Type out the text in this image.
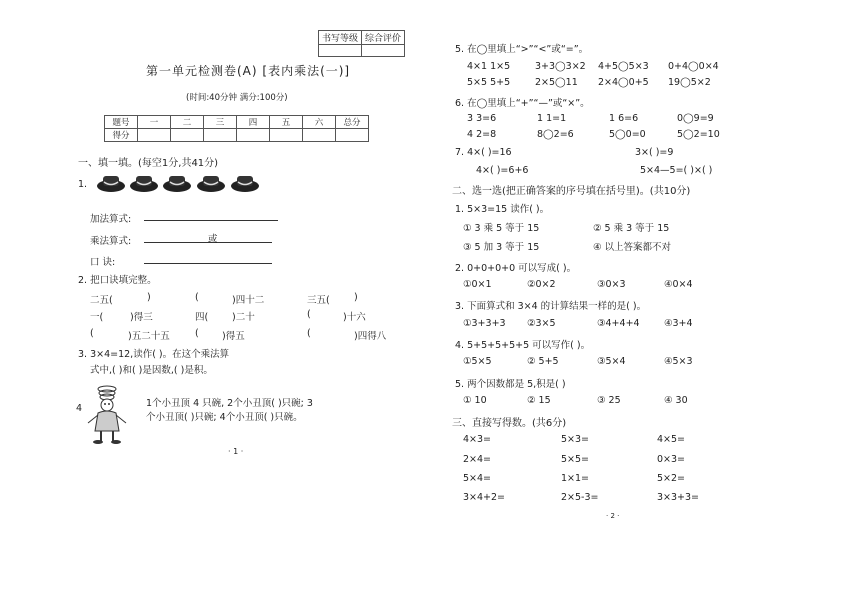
书写等级	综合评价

第一单元检测卷(A) [表内乘法(一)]
(时间:40分钟 满分:100分)
题号	一	二	三	四	五	六	总分
得分							
一、填一填。(每空1分,共41分)
1.
加法算式:
乘法算式:	或
口 诀:
2. 把口诀填完整。
二五(	)	(	)四十二	三五(	)
一(	)得三	四(	)二十	(	)十六
(	)五二十五	( )得五	(	)四得八
3. 3×4=12,读作( )。在这个乘法算
式中,( )和( )是因数,( )是积。
4	1个小丑顶 4 只碗, 2个小丑顶( )只碗; 3
个小丑顶( )只碗; 4个小丑顶( )只碗。
· 1 ·
5. 在◯里填上“>”“<”或“=”。
4×1 1×5	3+3◯3×2 4+5◯5×3 0+4◯0×4
5×5 5+5	2×5◯11 2×4◯0+5 19◯5×2
6. 在◯里填上“+”“—”或“×”。
3 3=6	1 1=1	1 6=6	0◯9=9
4 2=8	8◯2=6	5◯0=0	5◯2=10
7. 4×( )=16	3×( )=9
4×( )=6+6	5×4—5=( )×( )
二、选一选(把正确答案的序号填在括号里)。(共10分)
1. 5×3=15 读作( )。
① 3 乘 5 等于 15	② 5 乘 3 等于 15
③ 5 加 3 等于 15	④ 以上答案都不对
2. 0+0+0+0 可以写成( )。
①0×1	②0×2	③0×3	④0×4
3. 下面算式和 3×4 的计算结果一样的是( )。
①3+3+3 ②3×5	③4+4+4	④3+4
4. 5+5+5+5+5 可以写作( )。
①5×5	② 5+5	③5×4	④5×3
5. 两个因数都是 5,积是( )
① 10	② 15	③ 25	④ 30
三、直接写得数。(共6分)
4×3=	5×3=	4×5=
2×4=	5×5=	0×3=
5×4=	1×1=	5×2=
3×4+2=	2×5-3=	3×3+3=
· 2 ·
